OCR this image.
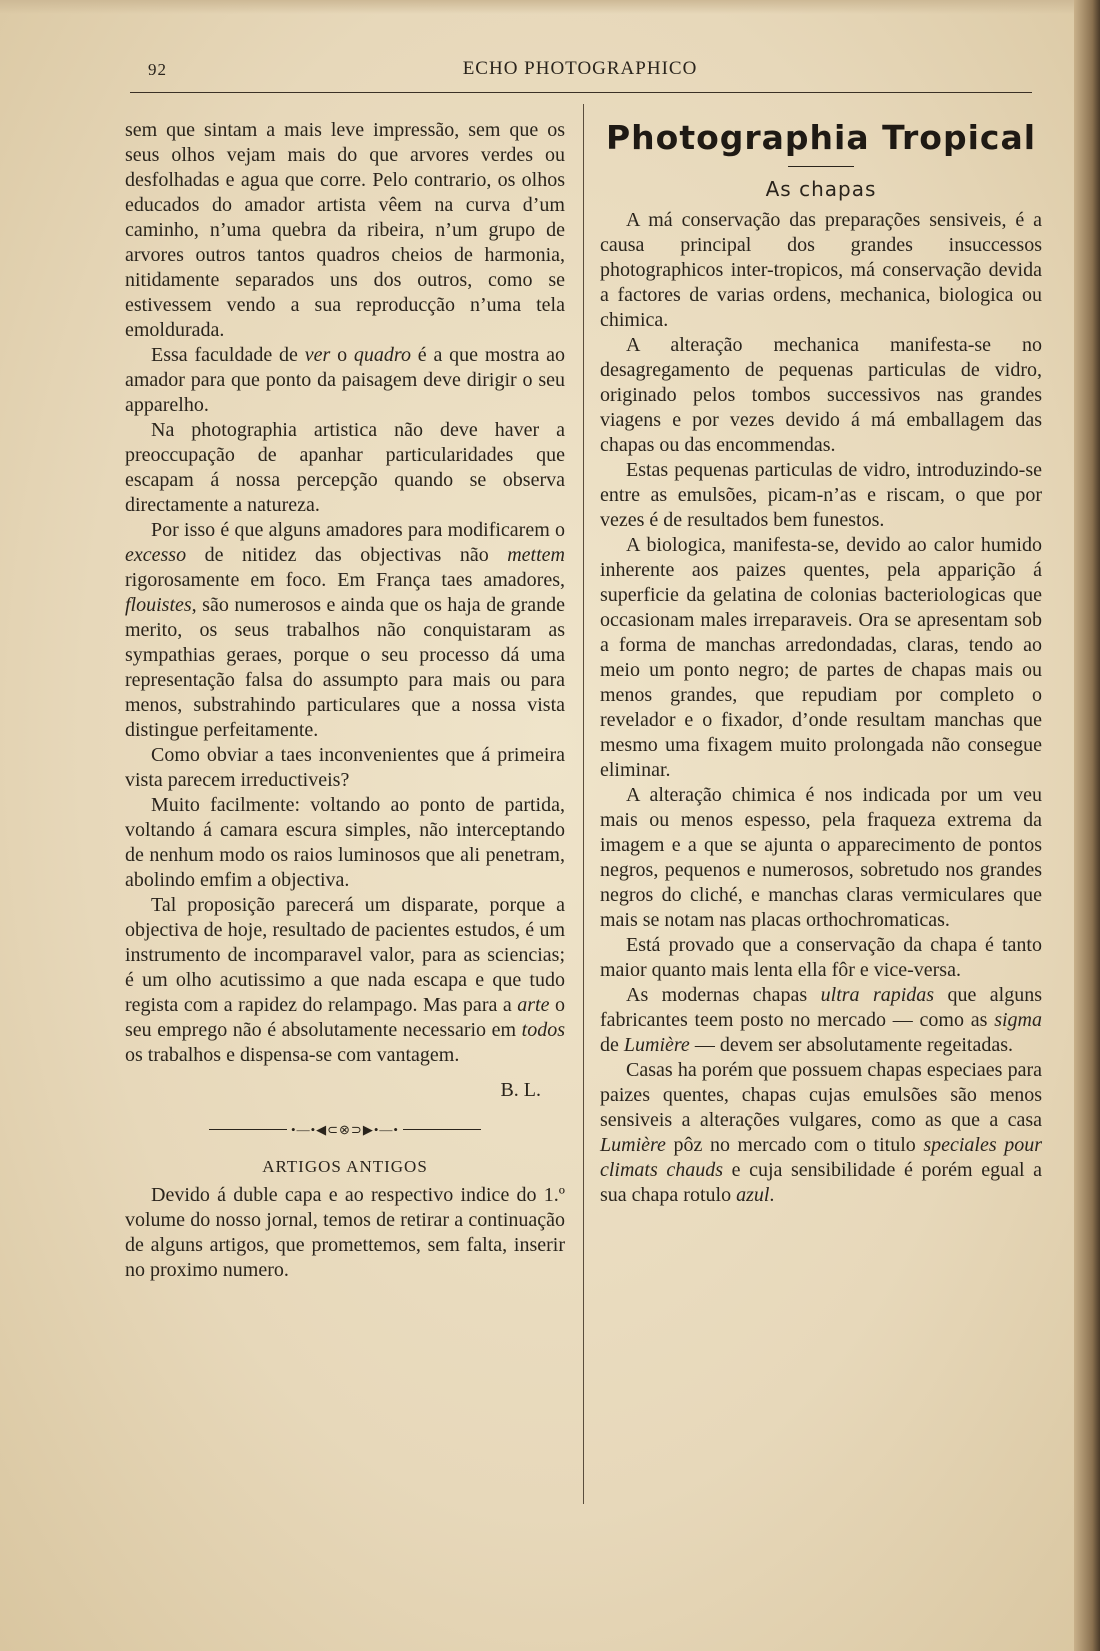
92	ECHO PHOTOGRAPHICO

sem que sintam a mais leve impressão, sem que os seus olhos vejam mais do que arvores verdes ou desfolhadas e agua que corre. Pelo contrario, os olhos educados do amador artista vêem na curva d’um caminho, n’uma quebra da ribeira, n’um grupo de arvores outros tantos quadros cheios de harmonia, nitidamente separados uns dos outros, como se estivessem vendo a sua reproducção n’uma tela emoldurada.

Essa faculdade de ver o quadro é a que mostra ao amador para que ponto da paisagem deve dirigir o seu apparelho.

Na photographia artistica não deve haver a preoccupação de apanhar particularidades que escapam á nossa percepção quando se observa directamente a natureza.

Por isso é que alguns amadores para modificarem o excesso de nitidez das objectivas não mettem rigorosamente em foco. Em França taes amadores, flouistes, são numerosos e ainda que os haja de grande merito, os seus trabalhos não conquistaram as sympathias geraes, porque o seu processo dá uma representação falsa do assumpto para mais ou para menos, substrahindo particulares que a nossa vista distingue perfeitamente.

Como obviar a taes inconvenientes que á primeira vista parecem irreductiveis?

Muito facilmente: voltando ao ponto de partida, voltando á camara escura simples, não interceptando de nenhum modo os raios luminosos que ali penetram, abolindo emfim a objectiva.

Tal proposição parecerá um disparate, porque a objectiva de hoje, resultado de pacientes estudos, é um instrumento de incomparavel valor, para as sciencias; é um olho acutissimo a que nada escapa e que tudo regista com a rapidez do relampago. Mas para a arte o seu emprego não é absolutamente necessario em todos os trabalhos e dispensa-se com vantagem.

B. L.

•—•◀⊂⊗⊃▶•—•
ARTIGOS ANTIGOS

Devido á duble capa e ao respectivo indice do 1.º volume do nosso jornal, temos de retirar a continuação de alguns artigos, que promettemos, sem falta, inserir no proximo numero.

Photographia Tropical
As chapas

A má conservação das preparações sensiveis, é a causa principal dos grandes insuccessos photographicos inter-tropicos, má conservação devida a factores de varias ordens, mechanica, biologica ou chimica.

A alteração mechanica manifesta-se no desagregamento de pequenas particulas de vidro, originado pelos tombos successivos nas grandes viagens e por vezes devido á má emballagem das chapas ou das encommendas.

Estas pequenas particulas de vidro, introduzindo-se entre as emulsões, picam-n’as e riscam, o que por vezes é de resultados bem funestos.

A biologica, manifesta-se, devido ao calor humido inherente aos paizes quentes, pela apparição á superficie da gelatina de colonias bacteriologicas que occasionam males irreparaveis. Ora se apresentam sob a forma de manchas arredondadas, claras, tendo ao meio um ponto negro; de partes de chapas mais ou menos grandes, que repudiam por completo o revelador e o fixador, d’onde resultam manchas que mesmo uma fixagem muito prolongada não consegue eliminar.

A alteração chimica é nos indicada por um veu mais ou menos espesso, pela fraqueza extrema da imagem e a que se ajunta o apparecimento de pontos negros, pequenos e numerosos, sobretudo nos grandes negros do cliché, e manchas claras vermiculares que mais se notam nas placas orthochromaticas.

Está provado que a conservação da chapa é tanto maior quanto mais lenta ella fôr e vice-versa.

As modernas chapas ultra rapidas que alguns fabricantes teem posto no mercado — como as sigma de Lumière — devem ser absolutamente regeitadas.

Casas ha porém que possuem chapas especiaes para paizes quentes, chapas cujas emulsões são menos sensiveis a alterações vulgares, como as que a casa Lumière pôz no mercado com o titulo speciales pour climats chauds e cuja sensibilidade é porém egual a sua chapa rotulo azul.
